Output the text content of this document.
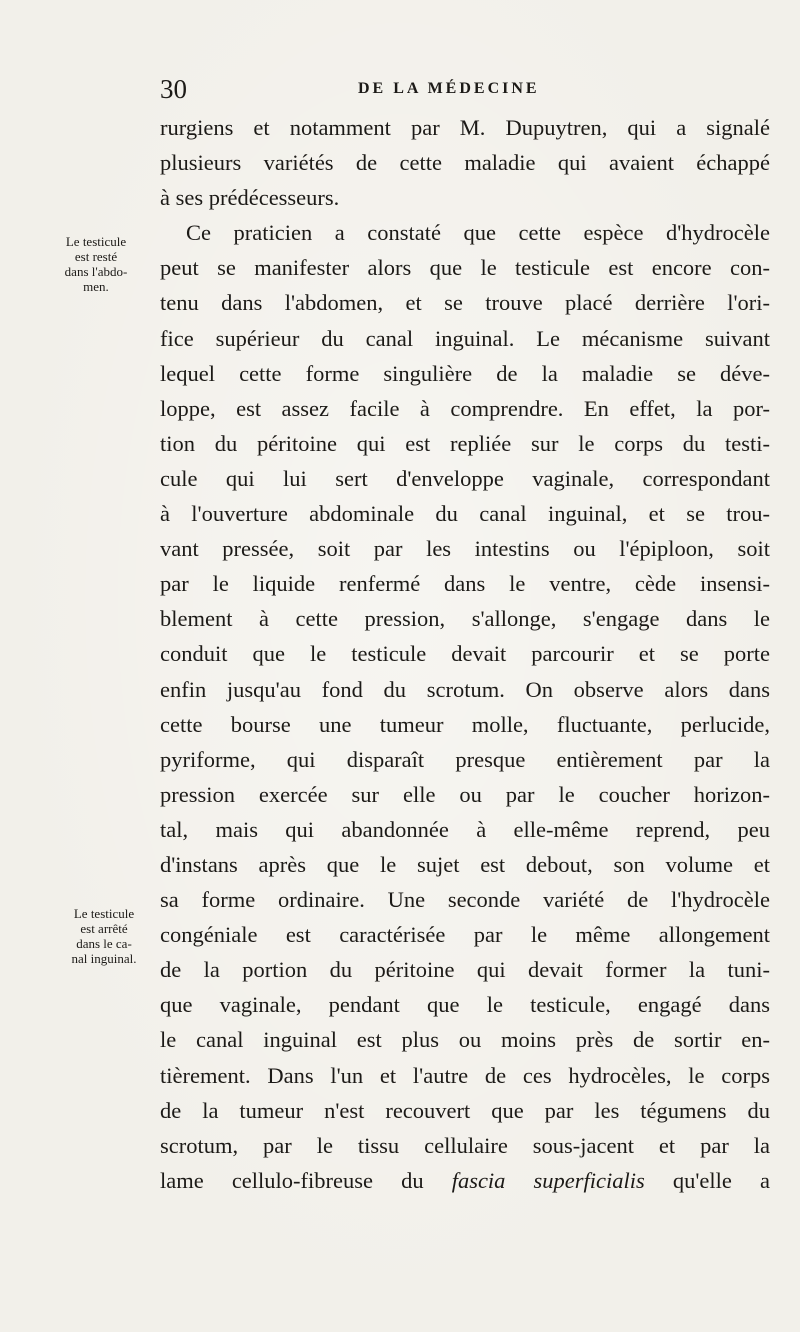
30	DE LA MÉDECINE
Le testicule
est resté
dans l'abdo-
men.
Le testicule
est arrêté
dans le ca-
nal inguinal.
rurgiens et notamment par M. Dupuytren, qui a signalé
plusieurs variétés de cette maladie qui avaient échappé
à ses prédécesseurs.
Ce praticien a constaté que cette espèce d'hydrocèle
peut se manifester alors que le testicule est encore con-
tenu dans l'abdomen, et se trouve placé derrière l'ori-
fice supérieur du canal inguinal. Le mécanisme suivant
lequel cette forme singulière de la maladie se déve-
loppe, est assez facile à comprendre. En effet, la por-
tion du péritoine qui est repliée sur le corps du testi-
cule qui lui sert d'enveloppe vaginale, correspondant
à l'ouverture abdominale du canal inguinal, et se trou-
vant pressée, soit par les intestins ou l'épiploon, soit
par le liquide renfermé dans le ventre, cède insensi-
blement à cette pression, s'allonge, s'engage dans le
conduit que le testicule devait parcourir et se porte
enfin jusqu'au fond du scrotum. On observe alors dans
cette bourse une tumeur molle, fluctuante, perlucide,
pyriforme, qui disparaît presque entièrement par la
pression exercée sur elle ou par le coucher horizon-
tal, mais qui abandonnée à elle-même reprend, peu
d'instans après que le sujet est debout, son volume et
sa forme ordinaire. Une seconde variété de l'hydrocèle
congéniale est caractérisée par le même allongement
de la portion du péritoine qui devait former la tuni-
que vaginale, pendant que le testicule, engagé dans
le canal inguinal est plus ou moins près de sortir en-
tièrement. Dans l'un et l'autre de ces hydrocèles, le corps
de la tumeur n'est recouvert que par les tégumens du
scrotum, par le tissu cellulaire sous-jacent et par la
lame cellulo-fibreuse du fascia superficialis qu'elle a
